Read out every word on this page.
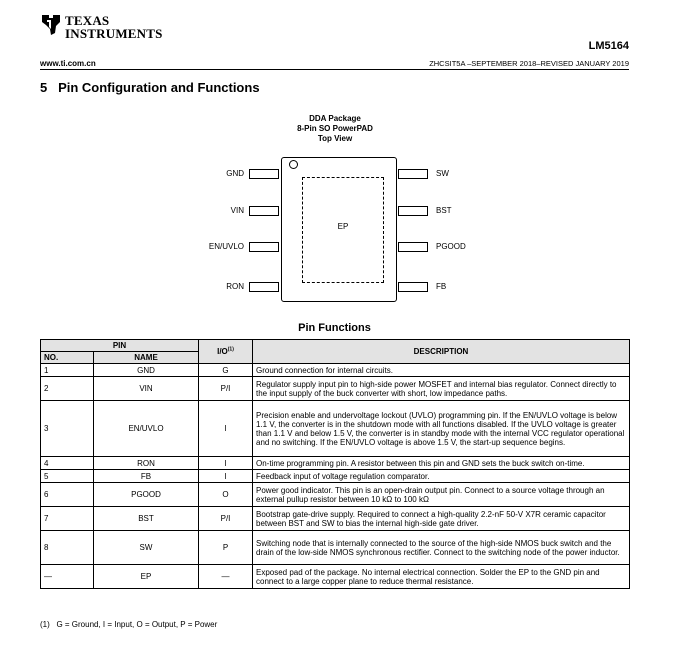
TEXAS
INSTRUMENTS
LM5164
www.ti.com.cn	ZHCSIT5A –SEPTEMBER 2018–REVISED JANUARY 2019
5   Pin Configuration and Functions
DDA Package
8-Pin SO PowerPAD
Top View
EP
GND
VIN
EN/UVLO
RON
SW
BST
PGOOD
FB
Pin Functions
PIN		$I/O^{(1)}$	DESCRIPTION
NO.	NAME		
1	GND	G	Ground connection for internal circuits.
2	VIN	P/I	Regulator supply input pin to high-side power MOSFET and internal bias regulator. Connect directly to the input supply of the buck converter with short, low impedance paths.
3	EN/UVLO	I	Precision enable and undervoltage lockout (UVLO) programming pin. If the EN/UVLO voltage is below 1.1 V, the converter is in the shutdown mode with all functions disabled. If the UVLO voltage is greater than 1.1 V and below 1.5 V, the converter is in standby mode with the internal VCC regulator operational and no switching. If the EN/UVLO voltage is above 1.5 V, the start-up sequence begins.
4	RON	I	On-time programming pin. A resistor between this pin and GND sets the buck switch on-time.
5	FB	I	Feedback input of voltage regulation comparator.
6	PGOOD	O	Power good indicator. This pin is an open-drain output pin. Connect to a source voltage through an external pullup resistor between 10 kΩ to 100 kΩ
7	BST	P/I	Bootstrap gate-drive supply. Required to connect a high-quality 2.2-nF 50-V X7R ceramic capacitor between BST and SW to bias the internal high-side gate driver.
8	SW	P	Switching node that is internally connected to the source of the high-side NMOS buck switch and the drain of the low-side NMOS synchronous rectifier. Connect to the switching node of the power inductor.
—	EP	—	Exposed pad of the package. No internal electrical connection. Solder the EP to the GND pin and connect to a large copper plane to reduce thermal resistance.
(1)   G = Ground, I = Input, O = Output, P = Power
